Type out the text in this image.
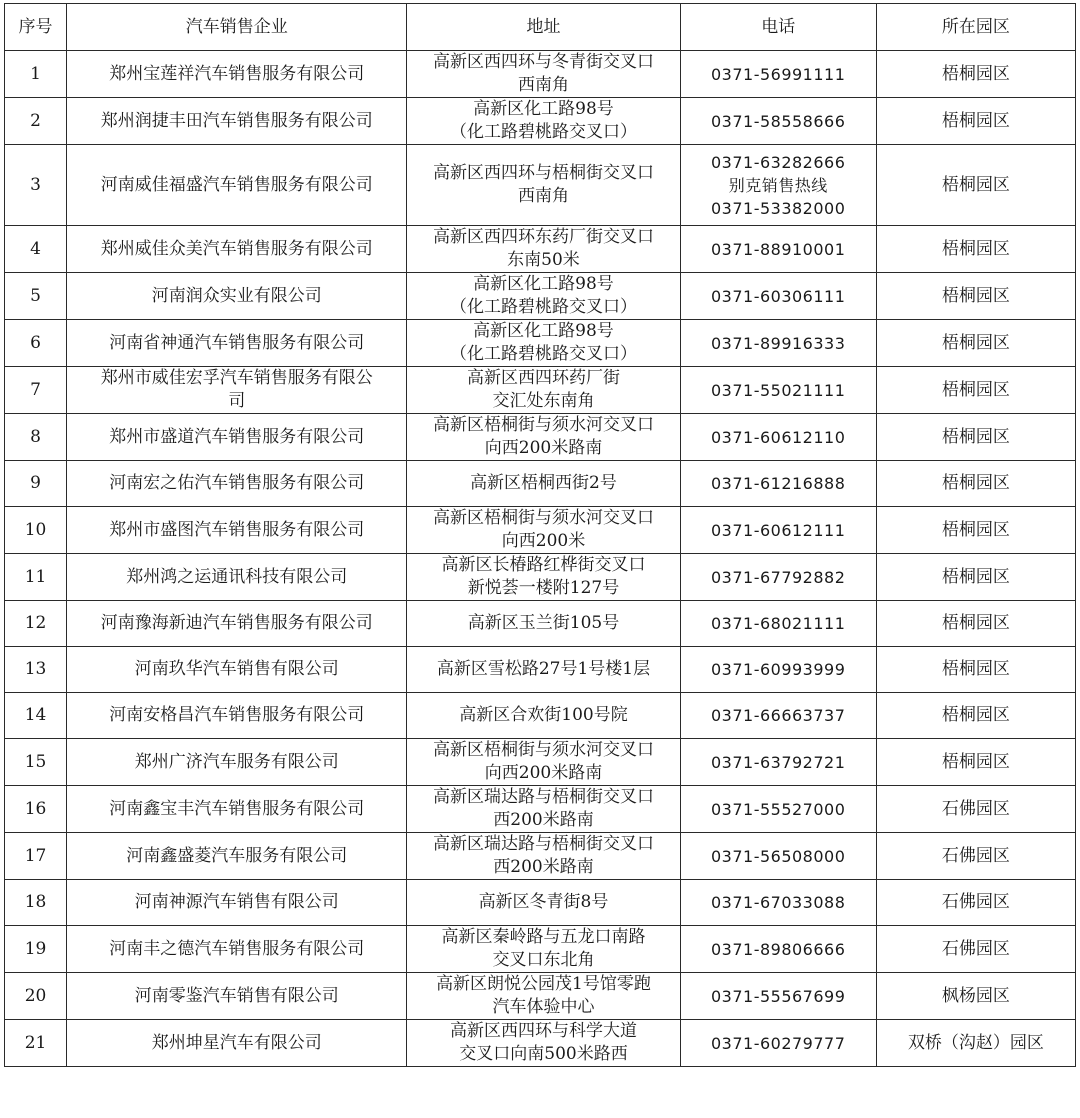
序号	汽车销售企业	地址	电话	所在园区
1	郑州宝莲祥汽车销售服务有限公司	高新区西四环与冬青街交叉口
西南角	0371-56991111	梧桐园区
2	郑州润捷丰田汽车销售服务有限公司	高新区化工路98号
（化工路碧桃路交叉口）	0371-58558666	梧桐园区
3	河南威佳福盛汽车销售服务有限公司	高新区西四环与梧桐街交叉口
西南角	0371-63282666
别克销售热线
0371-53382000	梧桐园区
4	郑州威佳众美汽车销售服务有限公司	高新区西四环东药厂街交叉口
东南50米	0371-88910001	梧桐园区
5	河南润众实业有限公司	高新区化工路98号
（化工路碧桃路交叉口）	0371-60306111	梧桐园区
6	河南省神通汽车销售服务有限公司	高新区化工路98号
（化工路碧桃路交叉口）	0371-89916333	梧桐园区
7	郑州市威佳宏孚汽车销售服务有限公
司	高新区西四环药厂街
交汇处东南角	0371-55021111	梧桐园区
8	郑州市盛道汽车销售服务有限公司	高新区梧桐街与须水河交叉口
向西200米路南	0371-60612110	梧桐园区
9	河南宏之佑汽车销售服务有限公司	高新区梧桐西街2号	0371-61216888	梧桐园区
10	郑州市盛图汽车销售服务有限公司	高新区梧桐街与须水河交叉口
向西200米	0371-60612111	梧桐园区
11	郑州鸿之运通讯科技有限公司	高新区长椿路红桦街交叉口
新悦荟一楼附127号	0371-67792882	梧桐园区
12	河南豫海新迪汽车销售服务有限公司	高新区玉兰街105号	0371-68021111	梧桐园区
13	河南玖华汽车销售有限公司	高新区雪松路27号1号楼1层	0371-60993999	梧桐园区
14	河南安格昌汽车销售服务有限公司	高新区合欢街100号院	0371-66663737	梧桐园区
15	郑州广济汽车服务有限公司	高新区梧桐街与须水河交叉口
向西200米路南	0371-63792721	梧桐园区
16	河南鑫宝丰汽车销售服务有限公司	高新区瑞达路与梧桐街交叉口
西200米路南	0371-55527000	石佛园区
17	河南鑫盛菱汽车服务有限公司	高新区瑞达路与梧桐街交叉口
西200米路南	0371-56508000	石佛园区
18	河南神源汽车销售有限公司	高新区冬青街8号	0371-67033088	石佛园区
19	河南丰之德汽车销售服务有限公司	高新区秦岭路与五龙口南路
交叉口东北角	0371-89806666	石佛园区
20	河南零鉴汽车销售有限公司	高新区朗悦公园茂1号馆零跑
汽车体验中心	0371-55567699	枫杨园区
21	郑州坤星汽车有限公司	高新区西四环与科学大道
交叉口向南500米路西	0371-60279777	双桥（沟赵）园区
